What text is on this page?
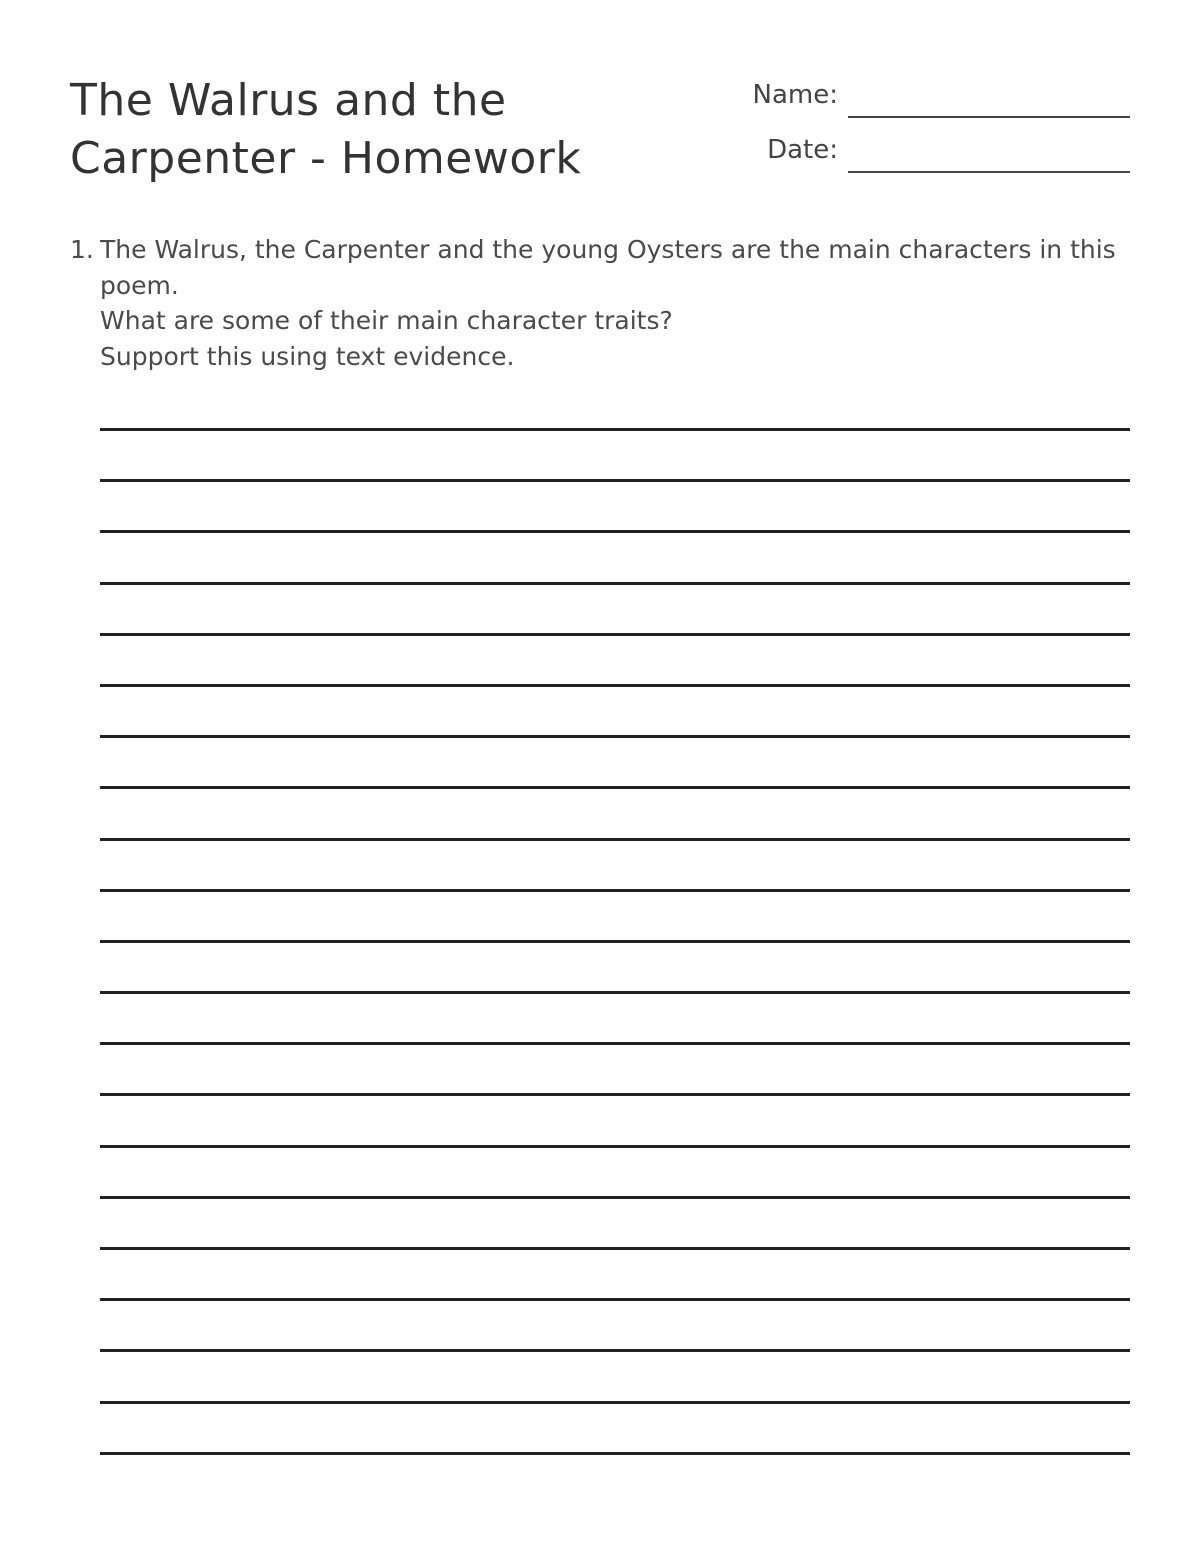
The Walrus and the
Carpenter - Homework
Name:
Date:
1. The Walrus, the Carpenter and the young Oysters are the main characters in this poem.

What are some of their main character traits?

Support this using text evidence.
